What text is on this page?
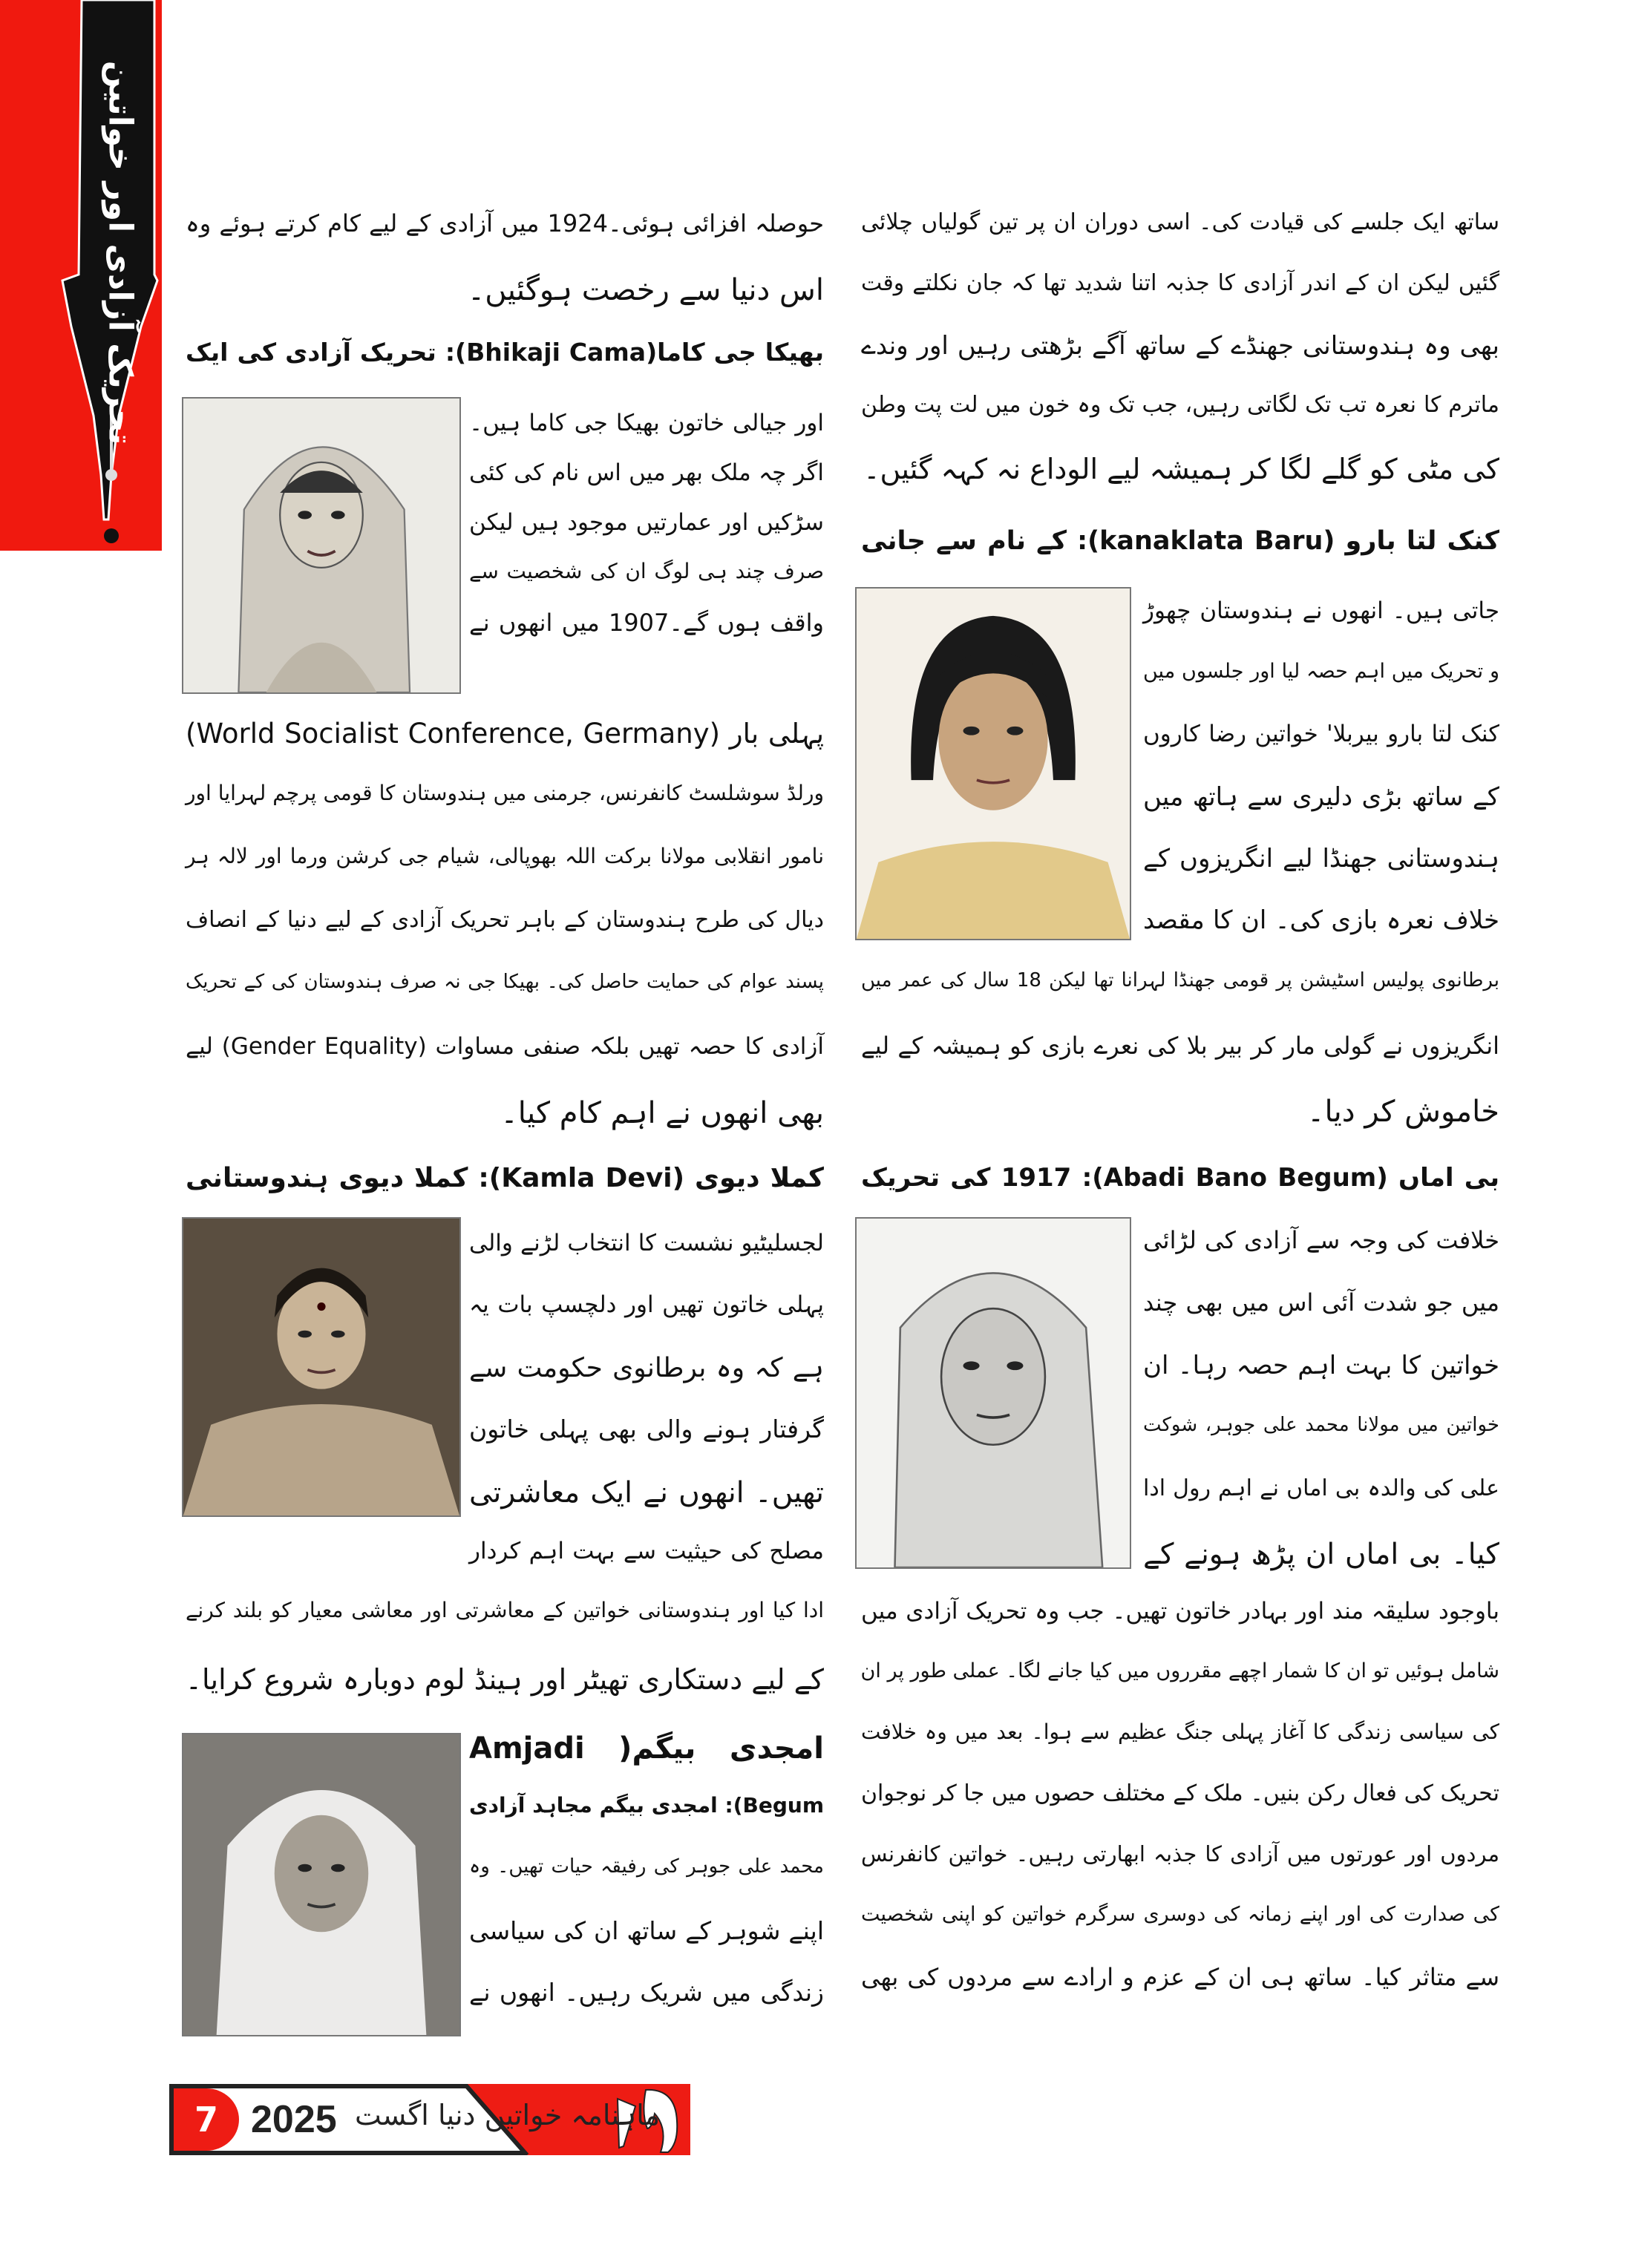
تحریک آزادی اور خواتین حوصلہ افزائی ہوئی۔1924 میں آزادی کے لیے کام کرتے ہوئے وہ
اس دنیا سے رخصت ہوگئیں۔
بھیکا جی کاما(Bhikaji Cama): تحریک آزادی کی ایک
اور جیالی خاتون بھیکا جی کاما ہیں۔
اگر چہ ملک بھر میں اس نام کی کئی
سڑکیں اور عمارتیں موجود ہیں لیکن
صرف چند ہی لوگ ان کی شخصیت سے
واقف ہوں گے۔1907 میں انھوں نے
پہلی بار (World Socialist Conference, Germany)
ورلڈ سوشلسٹ کانفرنس، جرمنی میں ہندوستان کا قومی پرچم لہرایا اور
نامور انقلابی مولانا برکت اللہ بھوپالی، شیام جی کرشن ورما اور لالہ ہر
دیال کی طرح ہندوستان کے باہر تحریک آزادی کے لیے دنیا کے انصاف
پسند عوام کی حمایت حاصل کی۔ بھیکا جی نہ صرف ہندوستان کی کے تحریک
آزادی کا حصہ تھیں بلکہ صنفی مساوات (Gender Equality) لیے
بھی انھوں نے اہم کام کیا۔
کملا دیوی (Kamla Devi): کملا دیوی ہندوستانی
لجسلیٹیو نشست کا انتخاب لڑنے والی
پہلی خاتون تھیں اور دلچسپ بات یہ
ہے کہ وہ برطانوی حکومت سے
گرفتار ہونے والی بھی پہلی خاتون
تھیں۔ انھوں نے ایک معاشرتی
مصلح کی حیثیت سے بہت اہم کردار
ادا کیا اور ہندوستانی خواتین کے معاشرتی اور معاشی معیار کو بلند کرنے
کے لیے دستکاری تھیٹر اور ہینڈ لوم دوبارہ شروع کرایا۔
امجدی بیگم( Amjadi
Begum): امجدی بیگم مجاہد آزادی
محمد علی جوہر کی رفیقہ حیات تھیں۔ وہ
اپنے شوہر کے ساتھ ان کی سیاسی
زندگی میں شریک رہیں۔ انھوں نے
ساتھ ایک جلسے کی قیادت کی۔ اسی دوران ان پر تین گولیاں چلائی
گئیں لیکن ان کے اندر آزادی کا جذبہ اتنا شدید تھا کہ جان نکلتے وقت
بھی وہ ہندوستانی جھنڈے کے ساتھ آگے بڑھتی رہیں اور وندے
ماترم کا نعرہ تب تک لگاتی رہیں، جب تک وہ خون میں لت پت وطن
کی مٹی کو گلے لگا کر ہمیشہ لیے الوداع نہ کہہ گئیں۔
کنک لتا بارو (kanaklata Baru): کے نام سے جانی
جاتی ہیں۔ انھوں نے ہندوستان چھوڑ
و تحریک میں اہم حصہ لیا اور جلسوں میں
کنک لتا بارو بیربلا' خواتین رضا کاروں
کے ساتھ بڑی دلیری سے ہاتھ میں
ہندوستانی جھنڈا لیے انگریزوں کے
خلاف نعرہ بازی کی۔ ان کا مقصد
برطانوی پولیس اسٹیشن پر قومی جھنڈا لہرانا تھا لیکن 18 سال کی عمر میں
انگریزوں نے گولی مار کر بیر بلا کی نعرے بازی کو ہمیشہ کے لیے
خاموش کر دیا۔
بی اماں (Abadi Bano Begum): 1917 کی تحریک
خلافت کی وجہ سے آزادی کی لڑائی
میں جو شدت آئی اس میں بھی چند
خواتین کا بہت اہم حصہ رہا۔ ان
خواتین میں مولانا محمد علی جوہر، شوکت
علی کی والدہ بی اماں نے اہم رول ادا
کیا۔ بی اماں ان پڑھ ہونے کے
باوجود سلیقہ مند اور بہادر خاتون تھیں۔ جب وہ تحریک آزادی میں
شامل ہوئیں تو ان کا شمار اچھے مقرروں میں کیا جانے لگا۔ عملی طور پر ان
کی سیاسی زندگی کا آغاز پہلی جنگ عظیم سے ہوا۔ بعد میں وہ خلافت
تحریک کی فعال رکن بنیں۔ ملک کے مختلف حصوں میں جا کر نوجوان
مردوں اور عورتوں میں آزادی کا جذبہ ابھارتی رہیں۔ خواتین کانفرنس
کی صدارت کی اور اپنے زمانہ کی دوسری سرگرم خواتین کو اپنی شخصیت
سے متاثر کیا۔ ساتھ ہی ان کے عزم و ارادے سے مردوں کی بھی
7 2025 ماہنامہ خواتین دنیا اگست
